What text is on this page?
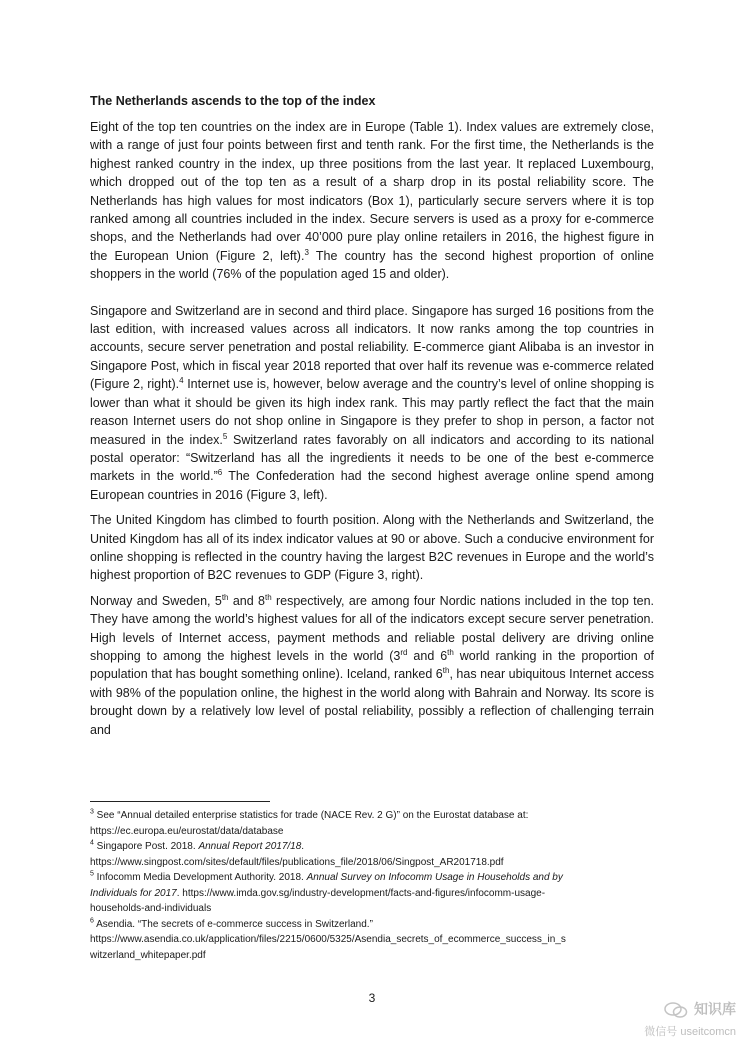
The Netherlands ascends to the top of the index

Eight of the top ten countries on the index are in Europe (Table 1). Index values are extremely close, with a range of just four points between first and tenth rank. For the first time, the Netherlands is the highest ranked country in the index, up three positions from the last year. It replaced Luxembourg, which dropped out of the top ten as a result of a sharp drop in its postal reliability score. The Netherlands has high values for most indicators (Box 1), particularly secure servers where it is top ranked among all countries included in the index. Secure servers is used as a proxy for e-commerce shops, and the Netherlands had over 40’000 pure play online retailers in 2016, the highest figure in the European Union (Figure 2, left).$^3$ The country has the second highest proportion of online shoppers in the world (76% of the population aged 15 and older).

Singapore and Switzerland are in second and third place. Singapore has surged 16 positions from the last edition, with increased values across all indicators. It now ranks among the top countries in accounts, secure server penetration and postal reliability. E-commerce giant Alibaba is an investor in Singapore Post, which in fiscal year 2018 reported that over half its revenue was e-commerce related (Figure 2, right).$^4$ Internet use is, however, below average and the country’s level of online shopping is lower than what it should be given its high index rank. This may partly reflect the fact that the main reason Internet users do not shop online in Singapore is they prefer to shop in person, a factor not measured in the index.$^5$ Switzerland rates favorably on all indicators and according to its national postal operator: “Switzerland has all the ingredients it needs to be one of the best e-commerce markets in the world.”$^6$ The Confederation had the second highest average online spend among European countries in 2016 (Figure 3, left).

The United Kingdom has climbed to fourth position. Along with the Netherlands and Switzerland, the United Kingdom has all of its index indicator values at 90 or above. Such a conducive environment for online shopping is reflected in the country having the largest B2C revenues in Europe and the world’s highest proportion of B2C revenues to GDP (Figure 3, right).

Norway and Sweden, 5th and 8th respectively, are among four Nordic nations included in the top ten. They have among the world’s highest values for all of the indicators except secure server penetration. High levels of Internet access, payment methods and reliable postal delivery are driving online shopping to among the highest levels in the world (3rd and 6th world ranking in the proportion of population that has bought something online). Iceland, ranked 6th, has near ubiquitous Internet access with 98% of the population online, the highest in the world along with Bahrain and Norway. Its score is brought down by a relatively low level of postal reliability, possibly a reflection of challenging terrain and

$^3$ See “Annual detailed enterprise statistics for trade (NACE Rev. 2 G)” on the Eurostat database at:
https://ec.europa.eu/eurostat/data/database
$^4$ Singapore Post. 2018. Annual Report 2017/18.
https://www.singpost.com/sites/default/files/publications_file/2018/06/Singpost_AR201718.pdf
$^5$ Infocomm Media Development Authority. 2018. Annual Survey on Infocomm Usage in Households and by
Individuals for 2017. https://www.imda.gov.sg/industry-development/facts-and-figures/infocomm-usage-
households-and-individuals
$^6$ Asendia. “The secrets of e-commerce success in Switzerland.”
https://www.asendia.co.uk/application/files/2215/0600/5325/Asendia_secrets_of_ecommerce_success_in_s
witzerland_whitepaper.pdf
3
知识库
微信号 useitcomcn
